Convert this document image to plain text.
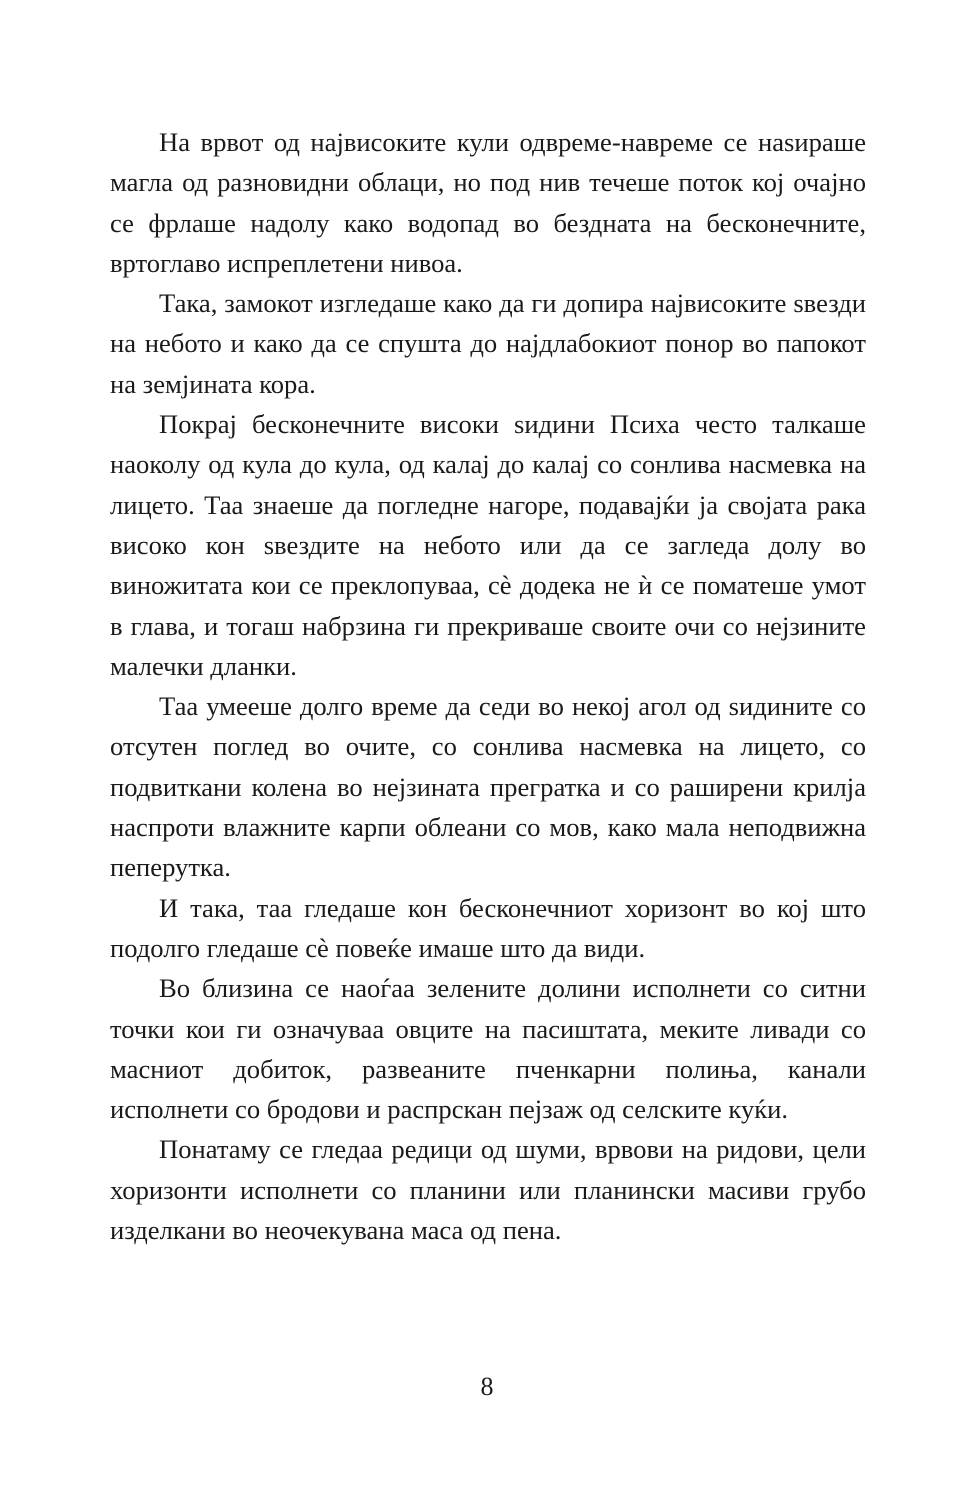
На врвот од највисоките кули одвреме-навреме се наѕираше магла од разновидни облаци, но под нив течеше поток кој очајно се фрлаше надолу како водопад во бездната на бесконечните, вртоглаво испреплетени нивоа.

Така, замокот изгледаше како да ги допира највисоките ѕвезди на небото и како да се спушта до најдлабокиот понор во папокот на земјината кора.

Покрај бесконечните високи ѕидини Психа често талкаше наоколу од кула до кула, од калај до калај со сонлива насмевка на лицето. Таа знаеше да погледне нагоре, подавајќи ја својата рака високо кон ѕвездите на небото или да се загледа долу во виножитата кои се преклопуваа, сѐ додека не ѝ се поматеше умот в глава, и тогаш набрзина ги прекриваше своите очи со нејзините малечки дланки.

Таа умееше долго време да седи во некој агол од ѕидините со отсутен поглед во очите, со сонлива насмевка на лицето, со подвиткани колена во нејзината прегратка и со раширени крилја наспроти влажните карпи облеани со мов, како мала неподвижна пеперутка.

И така, таа гледаше кон бесконечниот хоризонт во кој што подолго гледаше сѐ повеќе имаше што да види.

Во близина се наоѓаа зелените долини исполнети со ситни точки кои ги означуваа овците на пасиштата, мекитe ливади со масниот добиток, развеаните пченкарни полиња, канали исполнети со бродови и распрскан пејзаж од селските куќи.

Понатаму се гледаа редици од шуми, врвови на ридови, цели хоризонти исполнети со планини или планински масиви грубо изделкани во неочекувана маса од пена.

8
